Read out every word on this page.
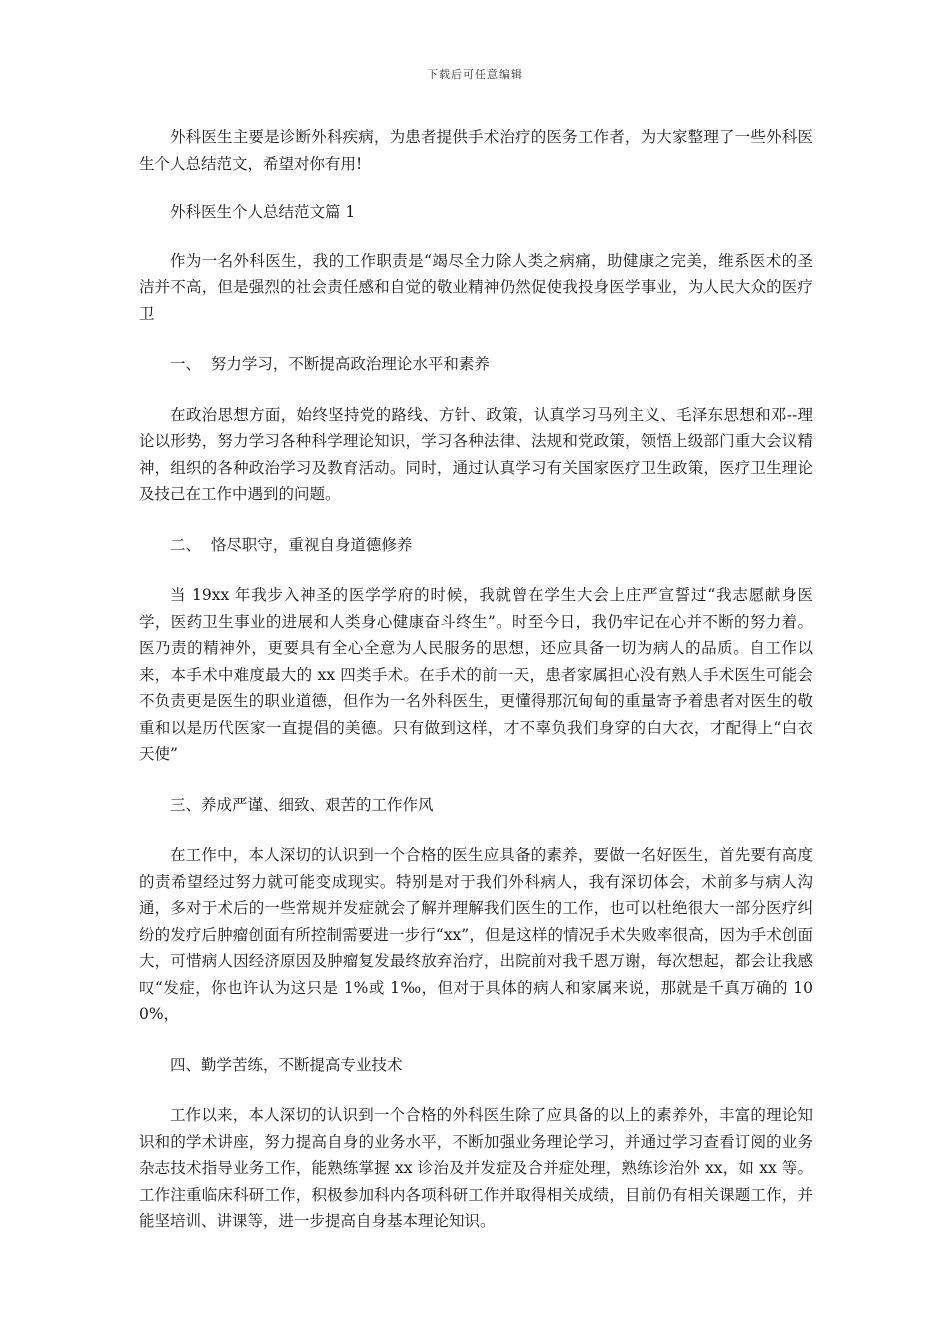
下载后可任意编辑

外科医生主要是诊断外科疾病，为患者提供手术治疗的医务工作者，为大家整理了一些外科医生个人总结范文，希望对你有用!

外科医生个人总结范文篇 1

作为一名外科医生，我的工作职责是“竭尽全力除人类之病痛，助健康之完美，维系医术的圣洁并不高，但是强烈的社会责任感和自觉的敬业精神仍然促使我投身医学事业，为人民大众的医疗卫

一、  努力学习，不断提高政治理论水平和素养

在政治思想方面，始终坚持党的路线、方针、政策，认真学习马列主义、毛泽东思想和邓--理论以形势，努力学习各种科学理论知识，学习各种法律、法规和党政策，领悟上级部门重大会议精神，组织的各种政治学习及教育活动。同时，通过认真学习有关国家医疗卫生政策，医疗卫生理论及技己在工作中遇到的问题。

二、  恪尽职守，重视自身道德修养

当 19xx 年我步入神圣的医学学府的时候，我就曾在学生大会上庄严宣誓过“我志愿献身医学，医药卫生事业的进展和人类身心健康奋斗终生”。时至今日，我仍牢记在心并不断的努力着。医乃责的精神外，更要具有全心全意为人民服务的思想，还应具备一切为病人的品质。自工作以来，本手术中难度最大的 xx 四类手术。在手术的前一天，患者家属担心没有熟人手术医生可能会不负责更是医生的职业道德，但作为一名外科医生，更懂得那沉甸甸的重量寄予着患者对医生的敬重和以是历代医家一直提倡的美德。只有做到这样，才不辜负我们身穿的白大衣，才配得上“白衣天使”

三、养成严谨、细致、艰苦的工作作风

在工作中，本人深切的认识到一个合格的医生应具备的素养，要做一名好医生，首先要有高度的责希望经过努力就可能变成现实。特别是对于我们外科病人，我有深切体会，术前多与病人沟通，多对于术后的一些常规并发症就会了解并理解我们医生的工作，也可以杜绝很大一部分医疗纠纷的发疗后肿瘤创面有所控制需要进一步行“xx”，但是这样的情况手术失败率很高，因为手术创面大，可惜病人因经济原因及肿瘤复发最终放弃治疗，出院前对我千恩万谢，每次想起，都会让我感叹“发症，你也许认为这只是 1%或 1‰，但对于具体的病人和家属来说，那就是千真万确的 100%，

四、勤学苦练，不断提高专业技术

工作以来，本人深切的认识到一个合格的外科医生除了应具备的以上的素养外，丰富的理论知识和的学术讲座，努力提高自身的业务水平，不断加强业务理论学习，并通过学习查看订阅的业务杂志技术指导业务工作，能熟练掌握 xx 诊治及并发症及合并症处理，熟练诊治外 xx，如 xx 等。工作注重临床科研工作，积极参加科内各项科研工作并取得相关成绩，目前仍有相关课题工作，并能坚培训、讲课等，进一步提高自身基本理论知识。
